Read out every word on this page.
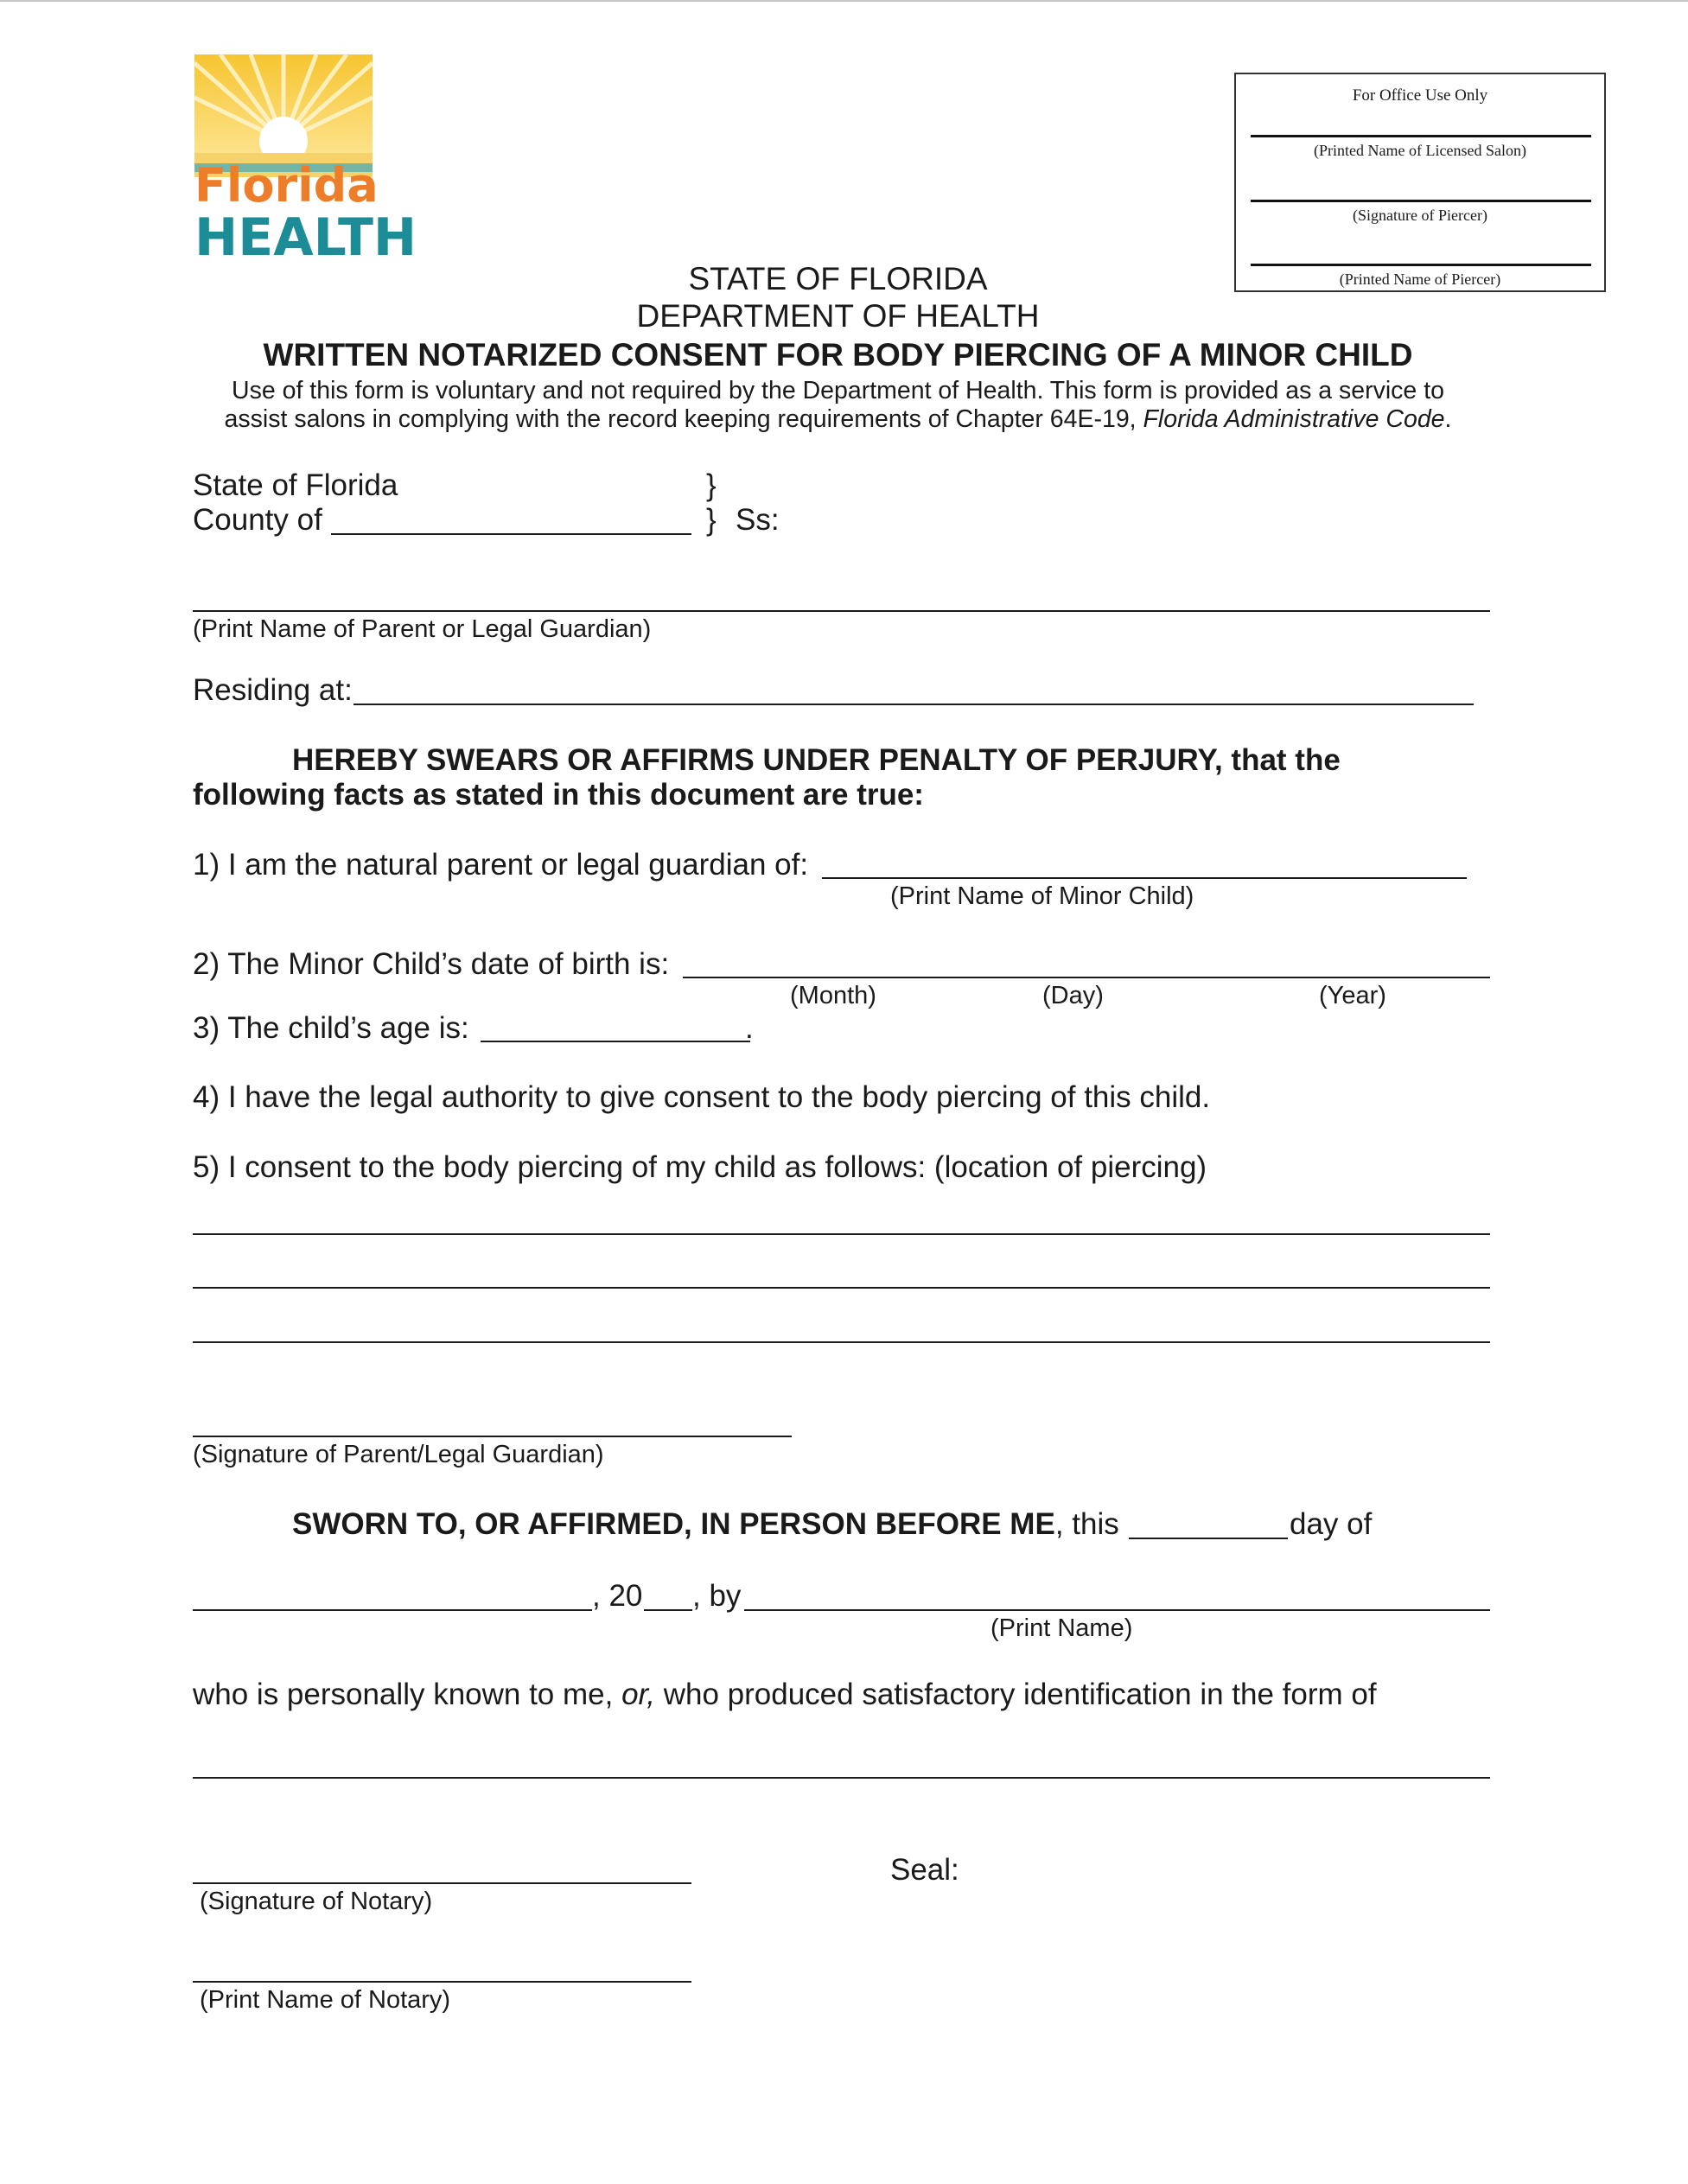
Florida
HEALTH
For Office Use Only
(Printed Name of Licensed Salon)
(Signature of Piercer)
(Printed Name of Piercer)
STATE OF FLORIDA
DEPARTMENT OF HEALTH
WRITTEN NOTARIZED CONSENT FOR BODY PIERCING OF A MINOR CHILD
Use of this form is voluntary and not required by the Department of Health. This form is provided as a service to
assist salons in complying with the record keeping requirements of Chapter 64E-19, Florida Administrative Code.
State of Florida	}
County of	} Ss:
(Print Name of Parent or Legal Guardian)
Residing at:
HEREBY SWEARS OR AFFIRMS UNDER PENALTY OF PERJURY, that the
following facts as stated in this document are true:
1) I am the natural parent or legal guardian of:
(Print Name of Minor Child)
2) The Minor Child’s date of birth is:
(Month)	(Day)	(Year)
3) The child’s age is:	.
4) I have the legal authority to give consent to the body piercing of this child.
5) I consent to the body piercing of my child as follows: (location of piercing)
(Signature of Parent/Legal Guardian)
SWORN TO, OR AFFIRMED, IN PERSON BEFORE ME, this	day of
, 20 , by
(Print Name)
who is personally known to me, or, who produced satisfactory identification in the form of
(Signature of Notary)
Seal:
(Print Name of Notary)
